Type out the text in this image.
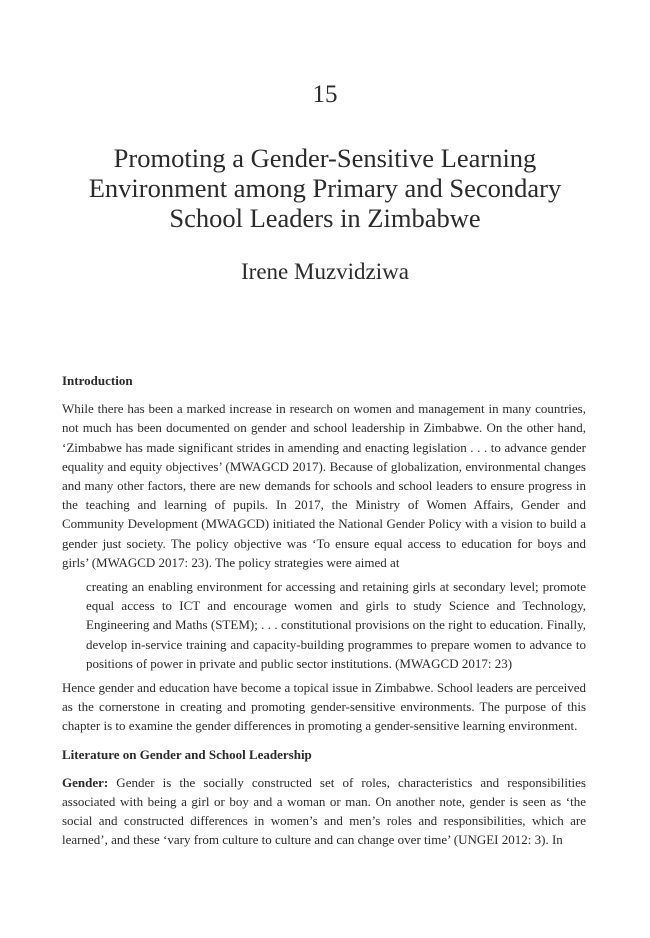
15
Promoting a Gender-Sensitive Learning
Environment among Primary and Secondary
School Leaders in Zimbabwe
Irene Muzvidziwa
Introduction

While there has been a marked increase in research on women and management in many countries, not much has been documented on gender and school leadership in Zimbabwe. On the other hand, ‘Zimbabwe has made significant strides in amending and enacting legislation . . . to advance gender equality and equity objectives’ (MWAGCD 2017). Because of globalization, environmental changes and many other factors, there are new demands for schools and school leaders to ensure progress in the teaching and learning of pupils. In 2017, the Ministry of Women Affairs, Gender and Community Development (MWAGCD) initiated the National Gender Policy with a vision to build a gender just society. The policy objective was ‘To ensure equal access to education for boys and girls’ (MWAGCD 2017: 23). The policy strategies were aimed at

creating an enabling environment for accessing and retaining girls at secondary level; promote equal access to ICT and encourage women and girls to study Science and Technology, Engineering and Maths (STEM); . . . constitutional provisions on the right to education. Finally, develop in-service training and capacity-building programmes to prepare women to advance to positions of power in private and public sector institutions. (MWAGCD 2017: 23)

Hence gender and education have become a topical issue in Zimbabwe. School leaders are perceived as the cornerstone in creating and promoting gender-sensitive environments. The purpose of this chapter is to examine the gender differences in promoting a gender-sensitive learning environment.

Literature on Gender and School Leadership

Gender: Gender is the socially constructed set of roles, characteristics and responsibilities associated with being a girl or boy and a woman or man. On another note, gender is seen as ‘the social and constructed differences in women’s and men’s roles and responsibilities, which are learned’, and these ‘vary from culture to culture and can change over time’ (UNGEI 2012: 3). In
